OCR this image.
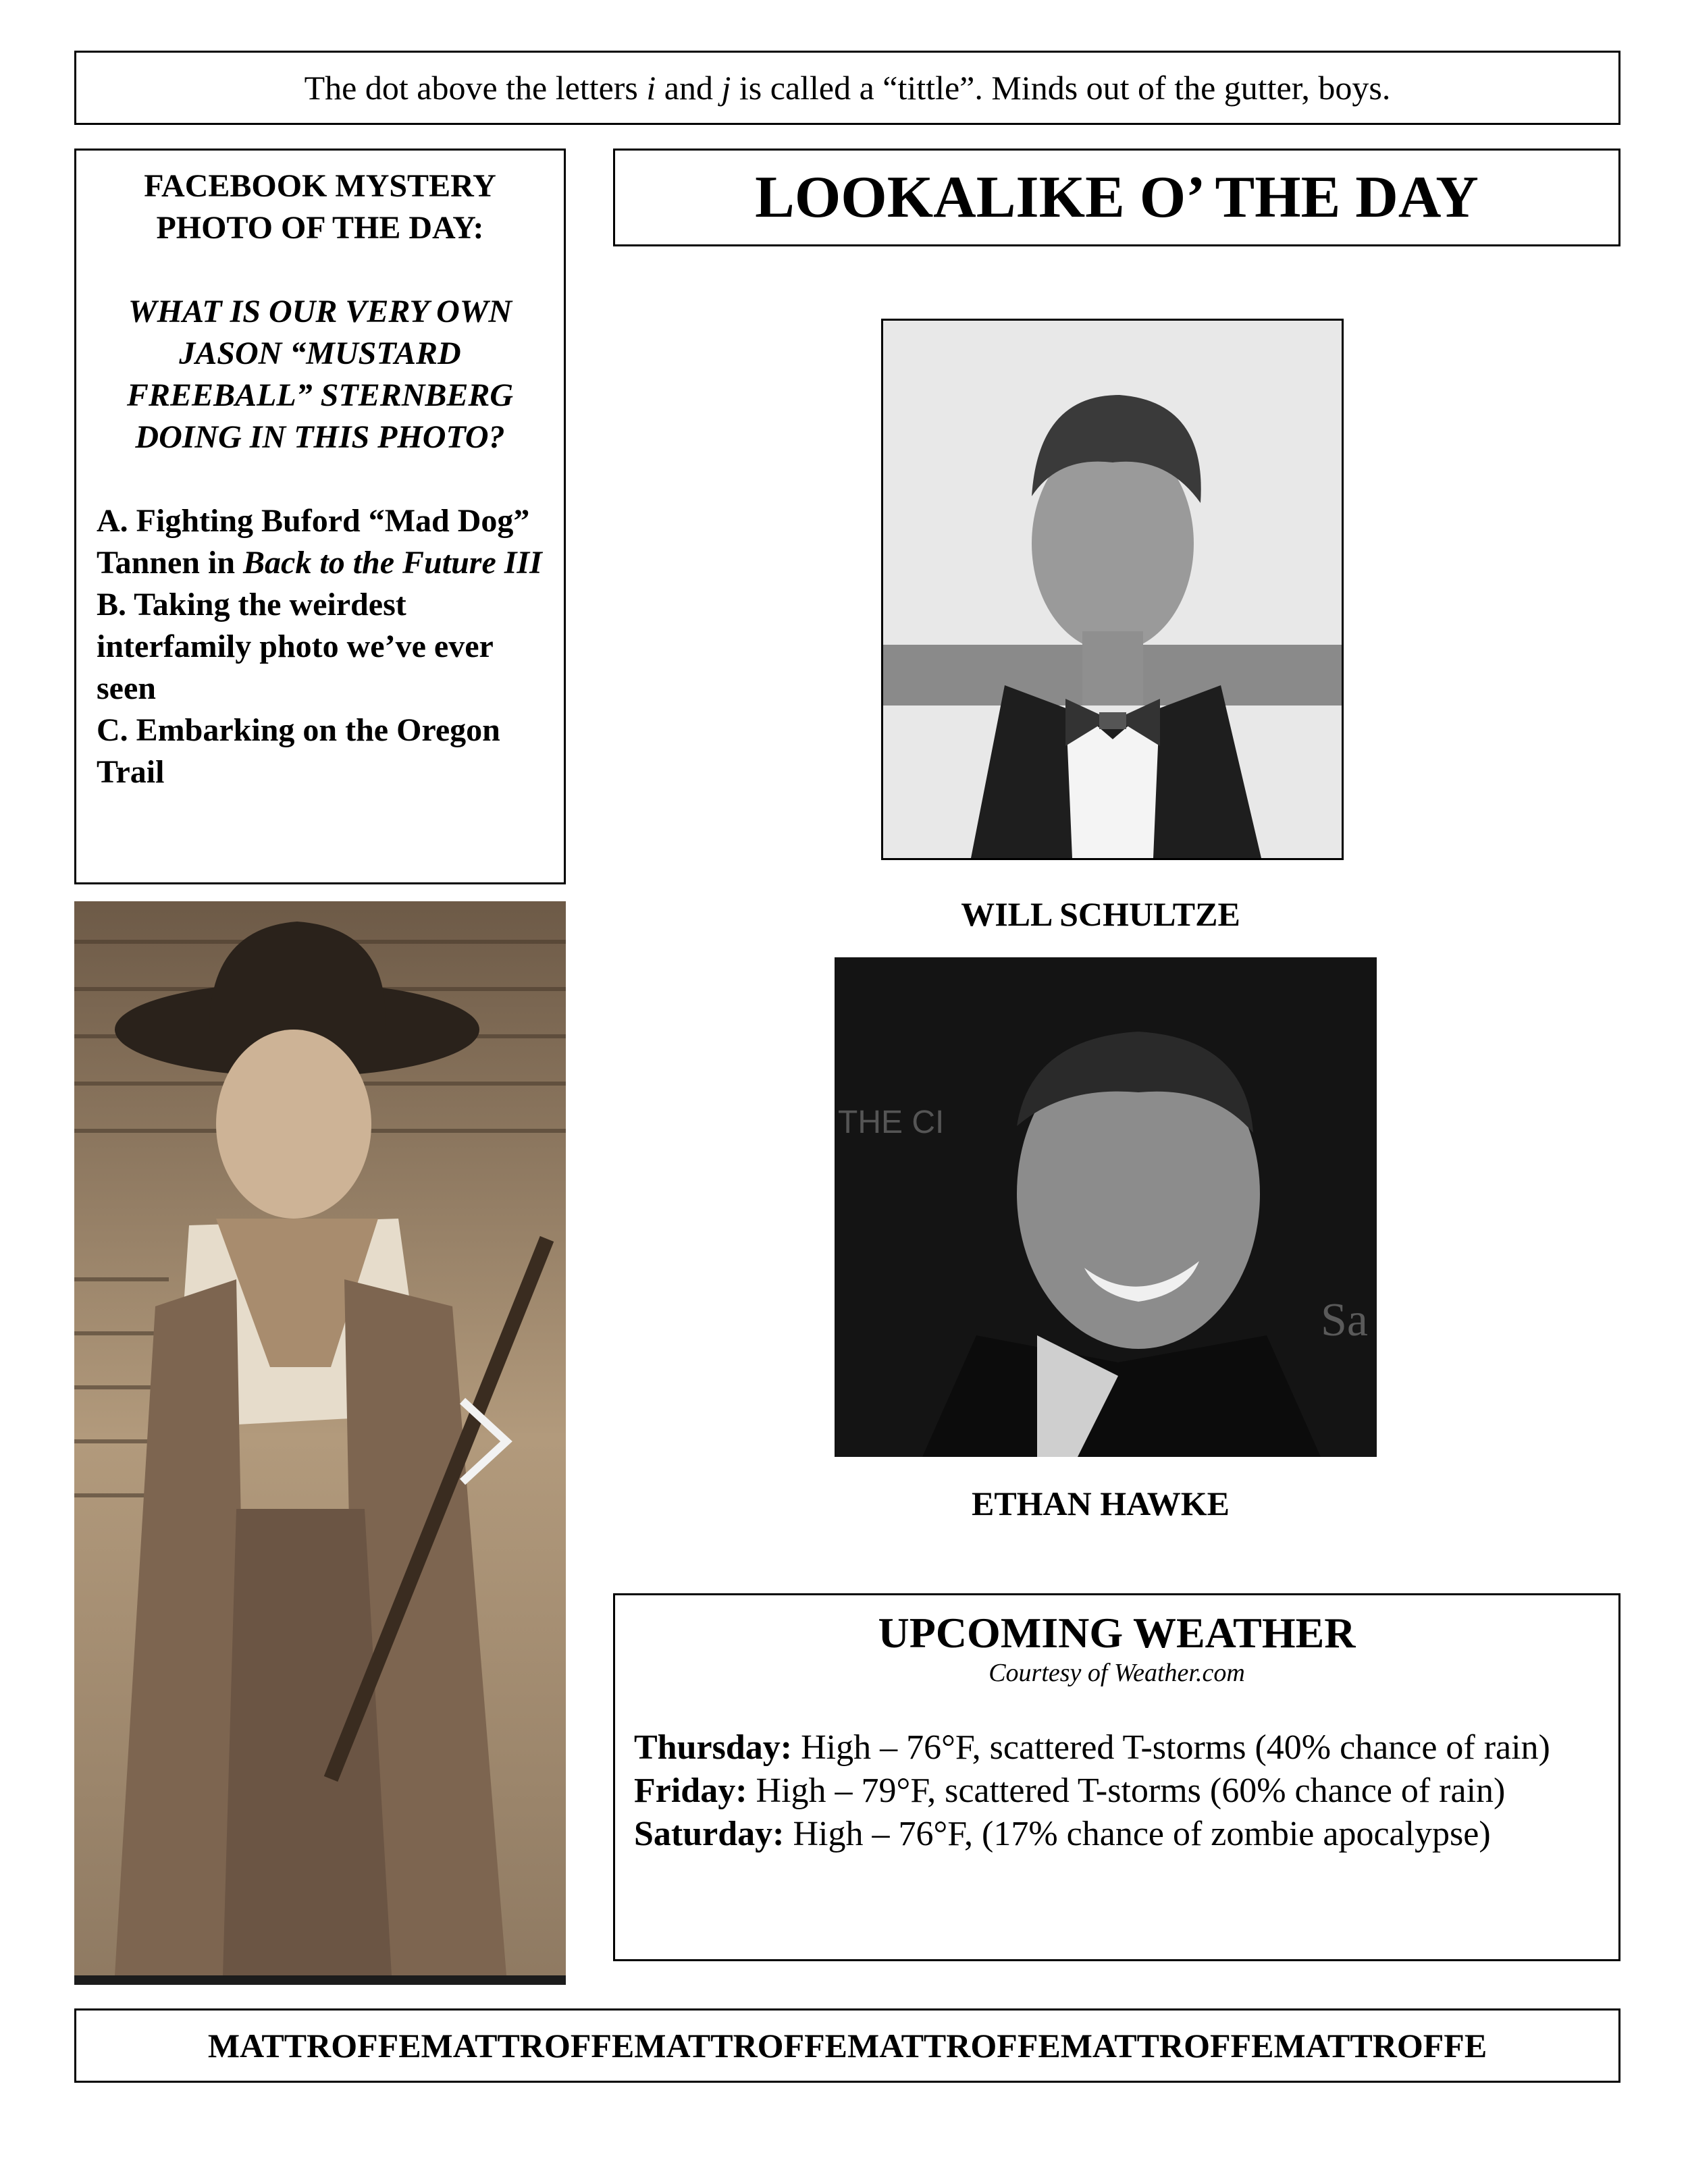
The dot above the letters i and j is called a “tittle”. Minds out of the gutter, boys.
FACEBOOK MYSTERY
PHOTO OF THE DAY:
WHAT IS OUR VERY OWN JASON “MUSTARD FREEBALL” STERNBERG DOING IN THIS PHOTO?
A. Fighting Buford “Mad Dog” Tannen in Back to the Future III
B. Taking the weirdest interfamily photo we’ve ever seen
C. Embarking on the Oregon Trail
LOOKALIKE O’ THE DAY
WILL SCHULTZE
THE CI
Sa
ETHAN HAWKE
UPCOMING WEATHER
Courtesy of Weather.com
Thursday: High – 76°F, scattered T-storms (40% chance of rain)
Friday: High – 79°F, scattered T-storms (60% chance of rain)
Saturday: High – 76°F, (17% chance of zombie apocalypse)
MATTROFFEMATTROFFEMATTROFFEMATTROFFEMATTROFFEMATTROFFE
